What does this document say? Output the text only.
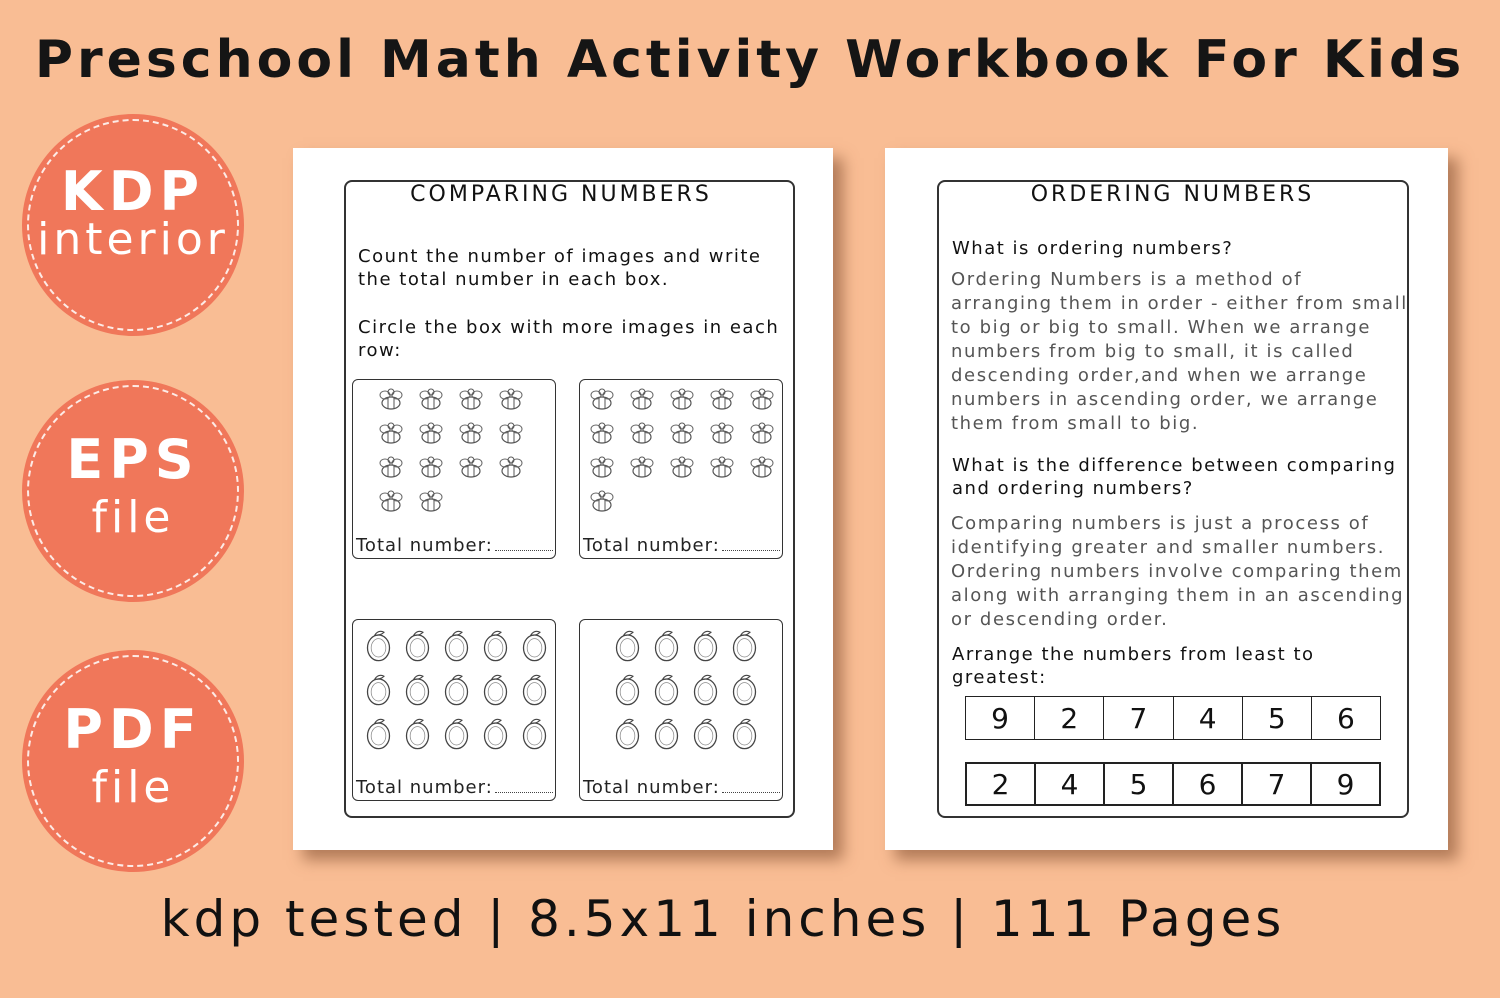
Preschool Math Activity Workbook For Kids
KDP
interior
EPS
file
PDF
file
COMPARING NUMBERS
Count the number of images and write the total number in each box.
Circle the box with more images in each row:
Total number:	Total number:
Total number:	Total number:
ORDERING NUMBERS
What is ordering numbers?
Ordering Numbers is a method of arranging them in order - either from small to big or big to small. When we arrange numbers from big to small, it is called descending order,and when we arrange numbers in ascending order, we arrange them from small to big.
What is the difference between comparing and ordering numbers?
Comparing numbers is just a process of identifying greater and smaller numbers. Ordering numbers involve comparing them along with arranging them in an ascending or descending order.
Arrange the numbers from least to greatest:
9	2	7	4	5	6
2	4	5	6	7	9
kdp tested | 8.5x11 inches | 111 Pages
